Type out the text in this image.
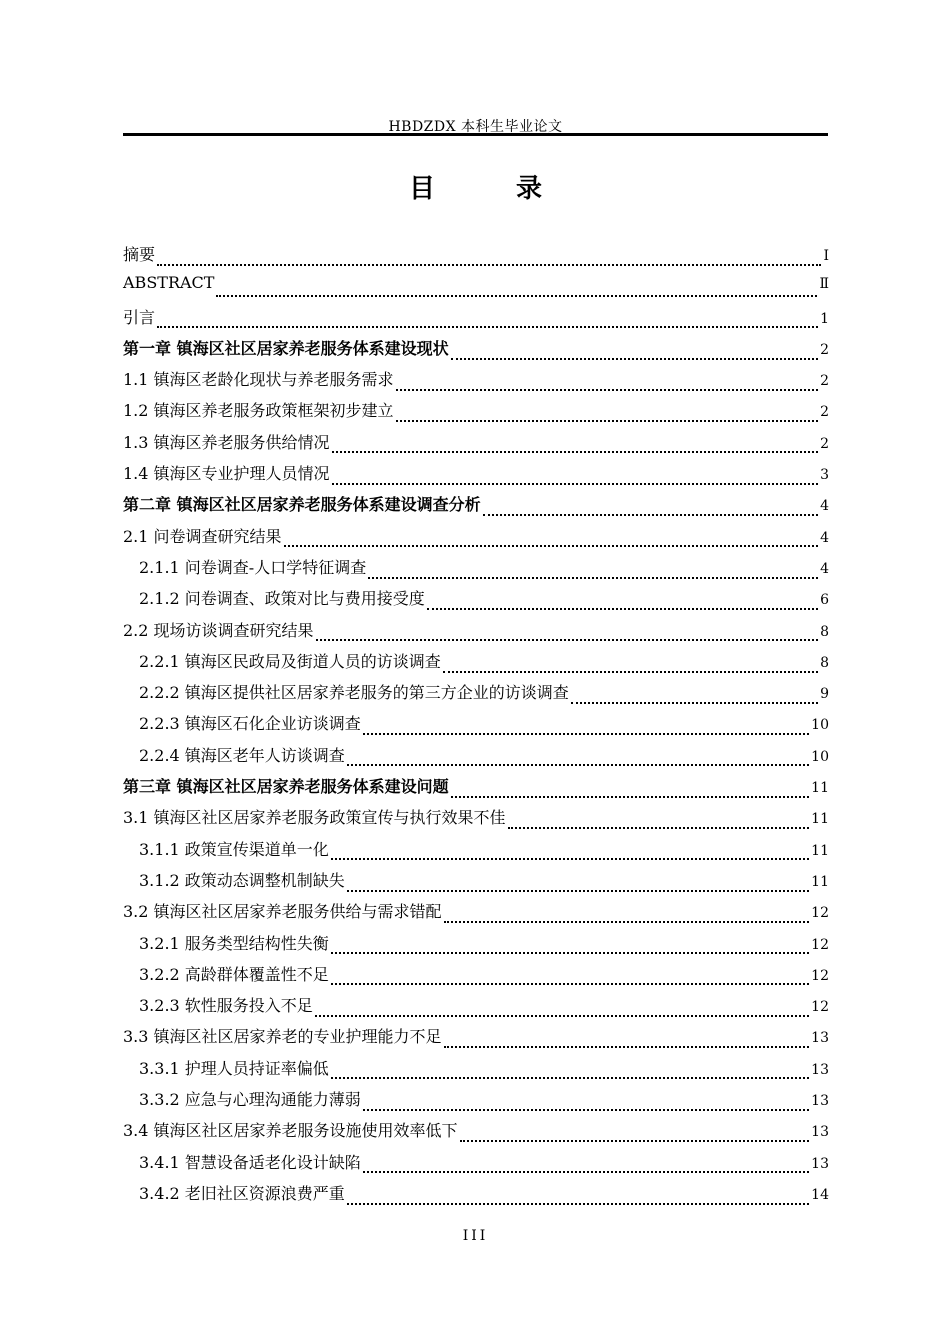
HBDZDX 本科生毕业论文
目 录
摘要	I
ABSTRACT	Ⅱ
引言	1
第一章 镇海区社区居家养老服务体系建设现状	2
1.1 镇海区老龄化现状与养老服务需求	2
1.2 镇海区养老服务政策框架初步建立	2
1.3 镇海区养老服务供给情况	2
1.4 镇海区专业护理人员情况	3
第二章 镇海区社区居家养老服务体系建设调查分析	4
2.1 问卷调查研究结果	4
2.1.1 问卷调查-人口学特征调查	4
2.1.2 问卷调查、政策对比与费用接受度	6
2.2 现场访谈调查研究结果	8
2.2.1 镇海区民政局及街道人员的访谈调查	8
2.2.2 镇海区提供社区居家养老服务的第三方企业的访谈调查	9
2.2.3 镇海区石化企业访谈调查	10
2.2.4 镇海区老年人访谈调查	10
第三章 镇海区社区居家养老服务体系建设问题	11
3.1 镇海区社区居家养老服务政策宣传与执行效果不佳	11
3.1.1 政策宣传渠道单一化	11
3.1.2 政策动态调整机制缺失	11
3.2 镇海区社区居家养老服务供给与需求错配	12
3.2.1 服务类型结构性失衡	12
3.2.2 高龄群体覆盖性不足	12
3.2.3 软性服务投入不足	12
3.3 镇海区社区居家养老的专业护理能力不足	13
3.3.1 护理人员持证率偏低	13
3.3.2 应急与心理沟通能力薄弱	13
3.4 镇海区社区居家养老服务设施使用效率低下	13
3.4.1 智慧设备适老化设计缺陷	13
3.4.2 老旧社区资源浪费严重	14
III
